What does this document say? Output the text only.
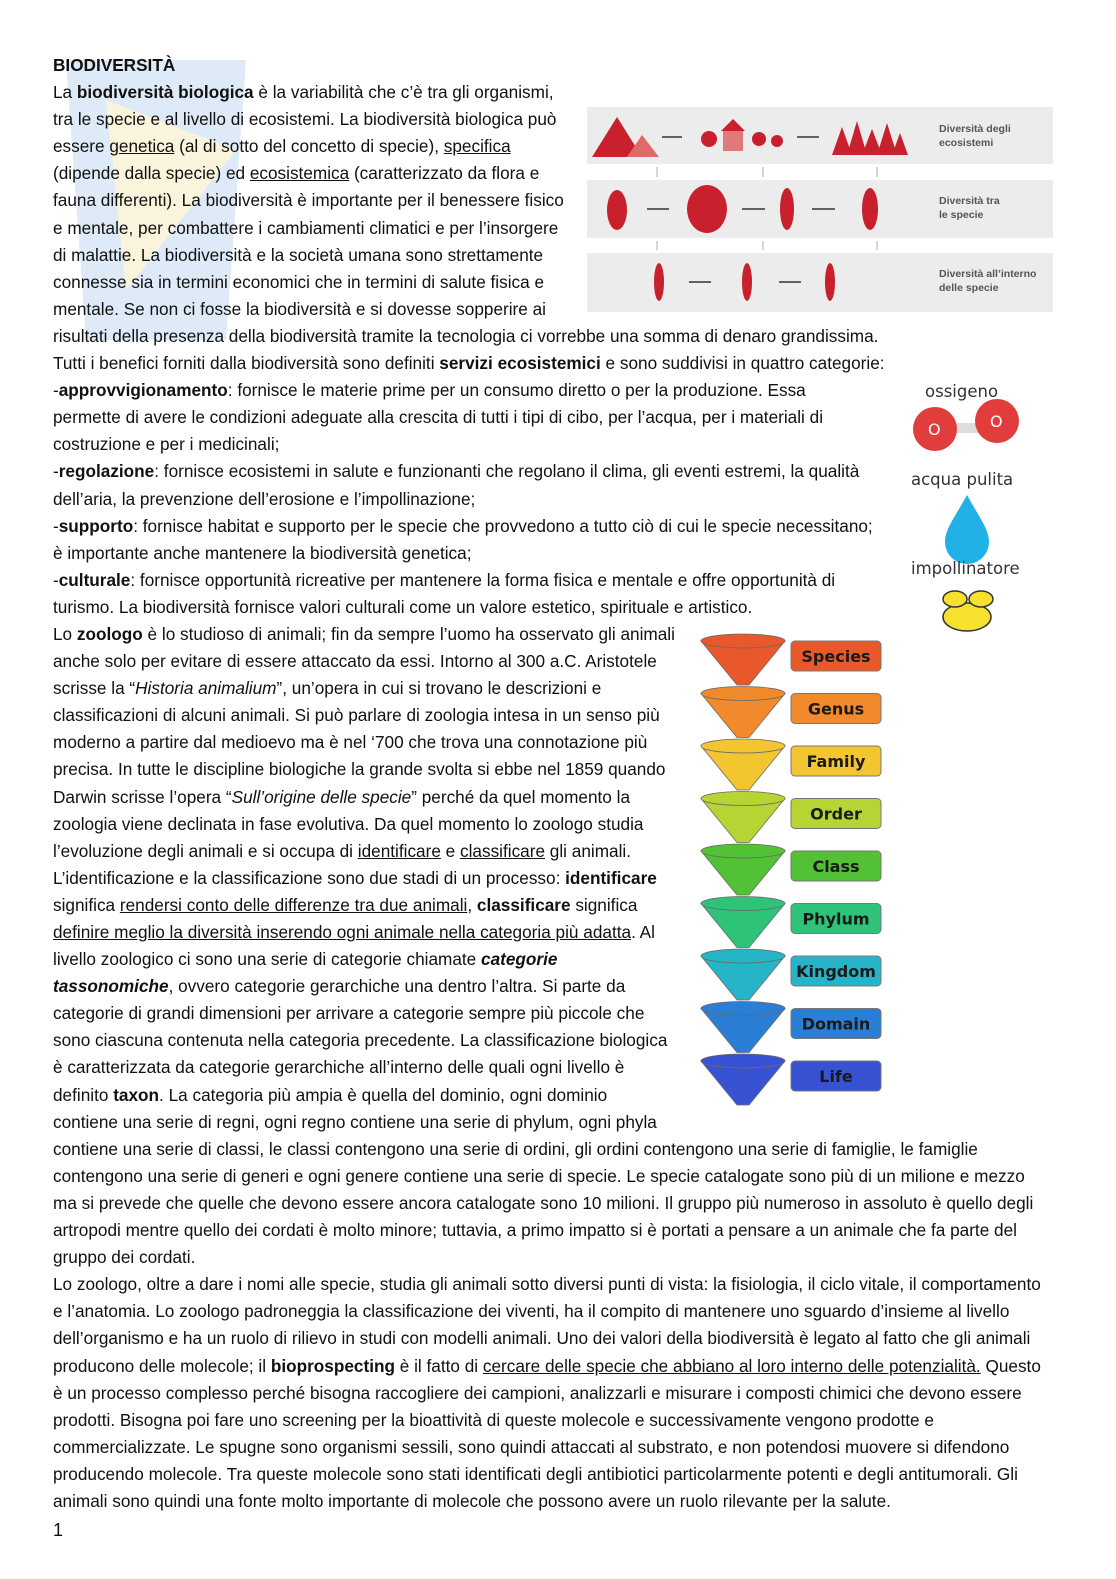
BIODIVERSITÀ

Diversità degli
ecosistemi
Diversità tra
le specie
Diversità all’interno
delle specie

La biodiversità biologica è la variabilità che c’è tra gli organismi, tra le specie e al livello di ecosistemi. La biodiversità biologica può essere genetica (al di sotto del concetto di specie), specifica (dipende dalla specie) ed ecosistemica (caratterizzato da flora e fauna differenti). La biodiversità è importante per il benessere fisico e mentale, per combattere i cambiamenti climatici e per l’insorgere di malattie. La biodiversità e la società umana sono strettamente connesse sia in termini economici che in termini di salute fisica e mentale. Se non ci fosse la biodiversità e si dovesse sopperire ai risultati della presenza della biodiversità tramite la tecnologia ci vorrebbe una somma di denaro grandissima.

Tutti i benefici forniti dalla biodiversità sono definiti servizi ecosistemici e sono suddivisi in quattro categorie:

ossigeno
O	O
acqua pulita
impollinatore

-approvvigionamento: fornisce le materie prime per un consumo diretto o per la produzione. Essa permette di avere le condizioni adeguate alla crescita di tutti i tipi di cibo, per l’acqua, per i materiali di costruzione e per i medicinali;

-regolazione: fornisce ecosistemi in salute e funzionanti che regolano il clima, gli eventi estremi, la qualità dell’aria, la prevenzione dell’erosione e l’impollinazione;

-supporto: fornisce habitat e supporto per le specie che provvedono a tutto ciò di cui le specie necessitano; è importante anche mantenere la biodiversità genetica;

-culturale: fornisce opportunità ricreative per mantenere la forma fisica e mentale e offre opportunità di turismo. La biodiversità fornisce valori culturali come un valore estetico, spirituale e artistico.

Species
Genus
Family
Order
Class
Phylum
Kingdom
Domain
Life

Lo zoologo è lo studioso di animali; fin da sempre l’uomo ha osservato gli animali anche solo per evitare di essere attaccato da essi. Intorno al 300 a.C. Aristotele scrisse la “Historia animalium”, un’opera in cui si trovano le descrizioni e classificazioni di alcuni animali. Si può parlare di zoologia intesa in un senso più moderno a partire dal medioevo ma è nel ‘700 che trova una connotazione più precisa. In tutte le discipline biologiche la grande svolta si ebbe nel 1859 quando Darwin scrisse l’opera “Sull’origine delle specie” perché da quel momento la zoologia viene declinata in fase evolutiva. Da quel momento lo zoologo studia l’evoluzione degli animali e si occupa di identificare e classificare gli animali. L’identificazione e la classificazione sono due stadi di un processo: identificare significa rendersi conto delle differenze tra due animali, classificare significa definire meglio la diversità inserendo ogni animale nella categoria più adatta. Al livello zoologico ci sono una serie di categorie chiamate categorie tassonomiche, ovvero categorie gerarchiche una dentro l’altra. Si parte da categorie di grandi dimensioni per arrivare a categorie sempre più piccole che sono ciascuna contenuta nella categoria precedente. La classificazione biologica è caratterizzata da categorie gerarchiche all’interno delle quali ogni livello è definito taxon. La categoria più ampia è quella del dominio, ogni dominio contiene una serie di regni, ogni regno contiene una serie di phylum, ogni phyla contiene una serie di classi, le classi contengono una serie di ordini, gli ordini contengono una serie di famiglie, le famiglie contengono una serie di generi e ogni genere contiene una serie di specie. Le specie catalogate sono più di un milione e mezzo ma si prevede che quelle che devono essere ancora catalogate sono 10 milioni. Il gruppo più numeroso in assoluto è quello degli artropodi mentre quello dei cordati è molto minore; tuttavia, a primo impatto si è portati a pensare a un animale che fa parte del gruppo dei cordati.

Lo zoologo, oltre a dare i nomi alle specie, studia gli animali sotto diversi punti di vista: la fisiologia, il ciclo vitale, il comportamento e l’anatomia. Lo zoologo padroneggia la classificazione dei viventi, ha il compito di mantenere uno sguardo d’insieme al livello dell’organismo e ha un ruolo di rilievo in studi con modelli animali. Uno dei valori della biodiversità è legato al fatto che gli animali producono delle molecole; il bioprospecting è il fatto di cercare delle specie che abbiano al loro interno delle potenzialità. Questo è un processo complesso perché bisogna raccogliere dei campioni, analizzarli e misurare i composti chimici che devono essere prodotti. Bisogna poi fare uno screening per la bioattività di queste molecole e successivamente vengono prodotte e commercializzate. Le spugne sono organismi sessili, sono quindi attaccati al substrato, e non potendosi muovere si difendono producendo molecole. Tra queste molecole sono stati identificati degli antibiotici particolarmente potenti e degli antitumorali. Gli animali sono quindi una fonte molto importante di molecole che possono avere un ruolo rilevante per la salute.

1
